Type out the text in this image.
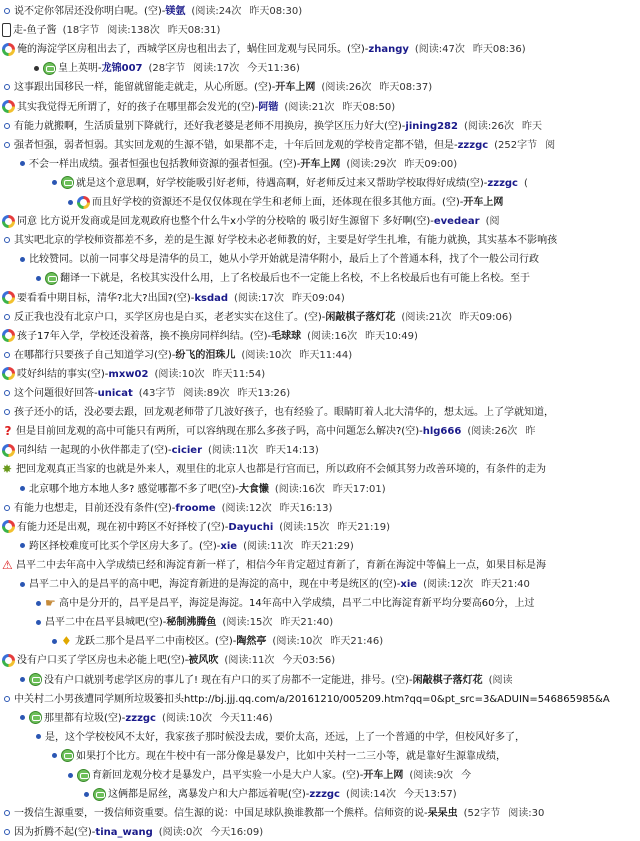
说不定你邻居还没你明白呢。(空)-镁氩 (阅读:24次 昨天08:30)
走-鱼子酱 (18字节 阅读:138次 昨天08:31)
俺的海淀学区房租出去了，西城学区房也租出去了，蜗住回龙观与民同乐。(空)-zhangy (阅读:47次 昨天08:36)
皇上英明-龙锦007 (28字节 阅读:17次 今天11:36)
这事跟出国移民一样，能留就留能走就走，从心所愿。(空)-开车上网 (阅读:26次 昨天08:37)
其实我觉得无所谓了，好的孩子在哪里都会发光的(空)-阿锴 (阅读:21次 昨天08:50)
有能力就搬啊，生活质量别下降就行，还好我老婆是老师不用换房，换学区压力好大(空)-jining282 (阅读:26次 昨天
强者恒强，弱者恒弱。其实回龙观的生源不错，如果都不走，十年后回龙观的学校肯定都不错，但是-zzzgc (252字节 阅
不会一样出成绩。强者恒强也包括教师资源的强者恒强。(空)-开车上网 (阅读:29次 昨天09:00)
就是这个意思啊，好学校能吸引好老师，待遇高啊，好老师反过来又帮助学校取得好成绩(空)-zzzgc (
而且好学校的资源还不是仅仅体现在学生和老师上面，还体现在很多其他方面。(空)-开车上网
同意 比方说开发商或是回龙观政府也整个什么牛x小学的分校啥的 吸引好生源留下 多好啊(空)-evedear (阅
其实吧北京的学校师资都差不多，差的是生源 好学校未必老师教的好，主要是好学生扎堆，有能力就换，其实基本不影响孩
比较赞同。以前一同事父母是清华的员工，她从小学开始就是清华附小，最后上了个普通本科，找了个一般公司行政
翻译一下就是，名校其实没什么用，上了名校最后也不一定能上名校，不上名校最后也有可能上名校。至于
要看看中期目标，清华?北大?出国?(空)-ksdad (阅读:17次 昨天09:04)
反正我也没有北京户口，买学区房也是白买，老老实实在这住了。(空)-闲敲棋子落灯花 (阅读:21次 昨天09:06)
孩子17年入学，学校还没着落，换不换房同样纠结。(空)-毛球球 (阅读:16次 昨天10:49)
在哪都行只要孩子自己知道学习(空)-纷飞的泪珠儿 (阅读:10次 昨天11:44)
哎好纠结的事实(空)-mxw02 (阅读:10次 昨天11:54)
这个问题很好回答-unicat (43字节 阅读:89次 昨天13:26)
孩子还小的话，没必要去跟，回龙观老师带了几波好孩子，也有经验了。眼睛盯着人北大清华的，想太远。上了学就知道，
? 但是目前回龙观的高中可能只有两所，可以容纳现在那么多孩子吗，高中问题怎么解决?(空)-hlg666 (阅读:26次 昨
同纠结 一起现的小伙伴都走了(空)-cicier (阅读:11次 昨天14:13)
✸ 把回龙观真正当家的也就是外来人，观里住的北京人也都是行宫而已，所以政府不会倾其努力改善环境的，有条件的走为
北京哪个地方本地人多? 感觉哪都不多了吧(空)-大食懒 (阅读:16次 昨天17:01)
有能力也想走，目前还没有条件(空)-froome (阅读:12次 昨天16:13)
有能力还是出观，现在初中跨区不好择校了(空)-Dayuchi (阅读:15次 昨天21:19)
跨区择校难度可比买个学区房大多了。(空)-xie (阅读:11次 昨天21:29)
⚠ 昌平二中去年高中入学成绩已经和海淀育新一样了，相信今年肯定超过育新了，育新在海淀中等偏上一点，如果目标是海
昌平二中入的是昌平的高中吧，海淀育新进的是海淀的高中，现在中考是统区的(空)-xie (阅读:12次 昨天21:40
☛ 高中是分开的，昌平是昌平，海淀是海淀。14年高中入学成绩，昌平二中比海淀育新平均分要高60分，上过
昌平二中在昌平县城吧(空)-秘制沸腾鱼 (阅读:15次 昨天21:40)
♦ 龙跃二那个是昌平二中南校区。(空)-陶然亭 (阅读:10次 昨天21:46)
没有户口买了学区房也未必能上吧(空)-被风吹 (阅读:11次 今天03:56)
没有户口就别考虑学区房的事儿了! 现在有户口的买了房都不一定能进，排号。(空)-闲敲棋子落灯花 (阅读
中关村二小男孩遭同学厕所垃圾篓扣头http://bj.jjj.qq.com/a/20161210/005209.htm?qq=0&pt_src=3&ADUIN=546865985&A
那里都有垃圾(空)-zzzgc (阅读:10次 今天11:46)
是，这个学校校风不太好，我家孩子那时候没去成，要价太高，还远，上了一个普通的中学，但校风好多了，
如果打个比方。现在牛校中有一部分像是暴发户，比如中关村一二三小等，就是靠好生源靠成绩，
育新回龙观分校才是暴发户，昌平实验一小是大户人家。(空)-开车上网 (阅读:9次 今
这俩都是屌丝，离暴发户和大户都远着呢(空)-zzzgc (阅读:14次 今天13:57)
一拨信生源重要，一拨信师资重要。信生源的说：中国足球队换谁教都一个熊样。信师资的说-呆呆虫 (52字节 阅读:30
因为折腾不起(空)-tina_wang (阅读:0次 今天16:09)
